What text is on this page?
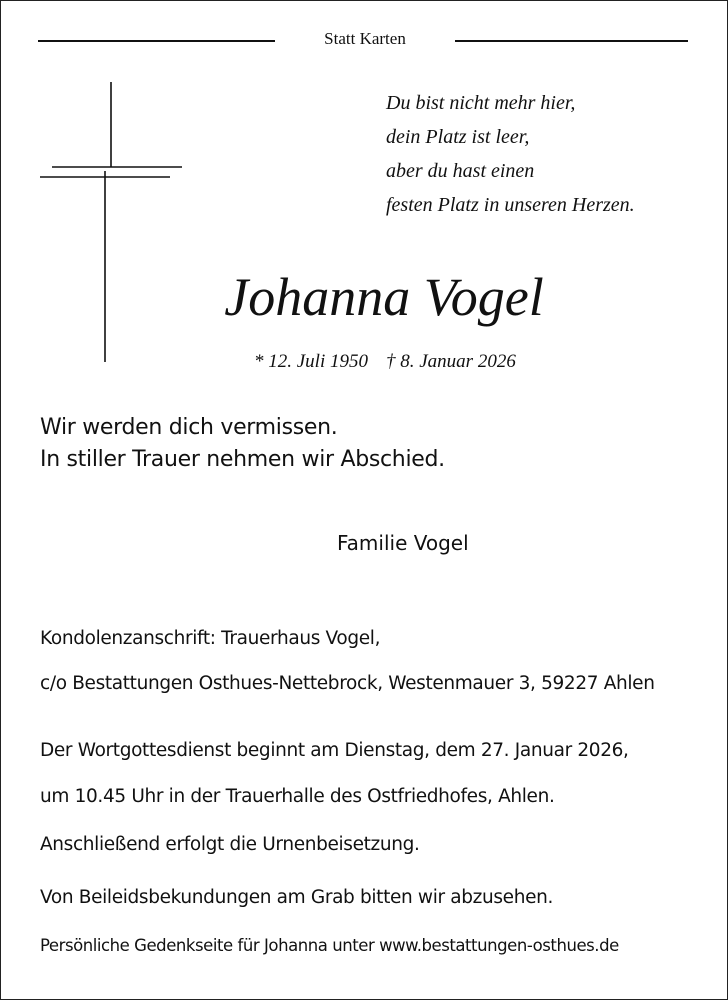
Statt Karten
Du bist nicht mehr hier,
dein Platz ist leer,
aber du hast einen
festen Platz in unseren Herzen.
Johanna Vogel
* 12. Juli 1950 † 8. Januar 2026
Wir werden dich vermissen.
In stiller Trauer nehmen wir Abschied.
Familie Vogel
Kondolenzanschrift: Trauerhaus Vogel,
c/o Bestattungen Osthues-Nettebrock, Westenmauer 3, 59227 Ahlen
Der Wortgottesdienst beginnt am Dienstag, dem 27. Januar 2026,
um 10.45 Uhr in der Trauerhalle des Ostfriedhofes, Ahlen.
Anschließend erfolgt die Urnenbeisetzung.
Von Beileidsbekundungen am Grab bitten wir abzusehen.
Persönliche Gedenkseite für Johanna unter www.bestattungen-osthues.de
